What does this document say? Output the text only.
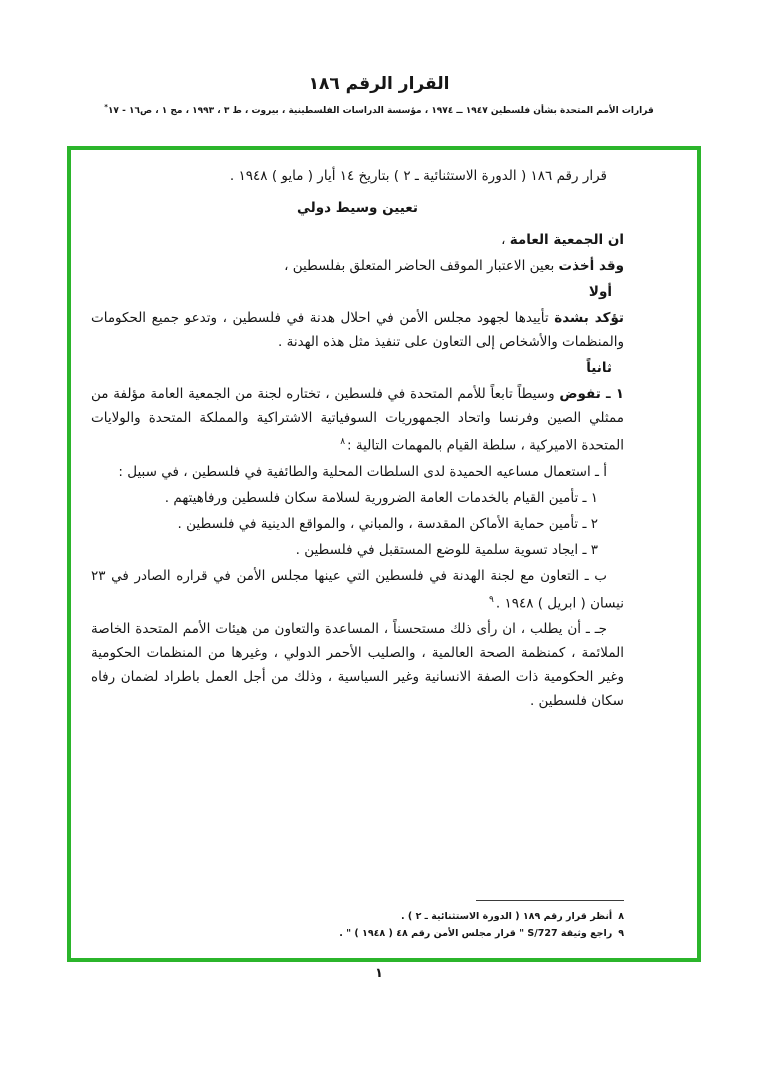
القرار الرقم ١٨٦
قرارات الأمم المتحدة بشأن فلسطين ١٩٤٧ ــ ١٩٧٤ ، مؤسسة الدراسات الفلسطينية ، بيروت ، ط ٣ ، ١٩٩٣ ، مج ١ ، ص١٦ - ١٧*

قرار رقم ١٨٦ ( الدورة الاستثنائية ـ ٢ ) بتاريخ ١٤ أيار ( مايو ) ١٩٤٨ .

تعيين وسيط دولي

ان الجمعية العامة ،

وقد أخذت بعين الاعتبار الموقف الحاضر المتعلق بفلسطين ،

أولا

تؤكد بشدة تأييدها لجهود مجلس الأمن في احلال هدنة في فلسطين ، وتدعو جميع الحكومات والمنظمات والأشخاص إلى التعاون على تنفيذ مثل هذه الهدنة .

ثانياً

١ ـ تفوض وسيطاً تابعاً للأمم المتحدة في فلسطين ، تختاره لجنة من الجمعية العامة مؤلفة من ممثلي الصين وفرنسا واتحاد الجمهوريات السوفياتية الاشتراكية والمملكة المتحدة والولايات المتحدة الاميركية ، سلطة القيام بالمهمات التالية :$^٨$

أ ـ استعمال مساعيه الحميدة لدى السلطات المحلية والطائفية في فلسطين ، في سبيل :

١ ـ تأمين القيام بالخدمات العامة الضرورية لسلامة سكان فلسطين ورفاهيتهم .

٢ ـ تأمين حماية الأماكن المقدسة ، والمباني ، والمواقع الدينية في فلسطين .

٣ ـ ايجاد تسوية سلمية للوضع المستقبل في فلسطين .

ب ـ التعاون مع لجنة الهدنة في فلسطين التي عينها مجلس الأمن في قراره الصادر في ٢٣ نيسان ( ابريل ) ١٩٤٨ .$^٩$

جـ ـ أن يطلب ، ان رأى ذلك مستحسناً ، المساعدة والتعاون من هيئات الأمم المتحدة الخاصة الملائمة ، كمنظمة الصحة العالمية ، والصليب الأحمر الدولي ، وغيرها من المنظمات الحكومية وغير الحكومية ذات الصفة الانسانية وغير السياسية ، وذلك من أجل العمل باطراد لضمان رفاه سكان فلسطين .

٨أنظر قرار رقم ١٨٩ ( الدورة الاستثنائية ـ ٢ ) .
٩راجع وثيقة S/727 " قرار مجلس الأمن رقم ٤٨ ( ١٩٤٨ ) " .
١
